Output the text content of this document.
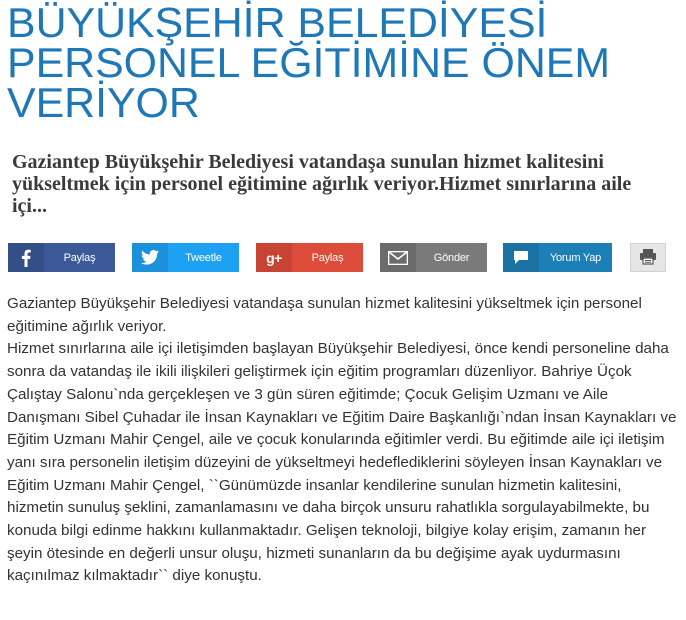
BÜYÜKŞEHİR BELEDİYESİ PERSONEL EĞİTİMİNE ÖNEM VERİYOR

Gaziantep Büyükşehir Belediyesi vatandaşa sunulan hizmet kalitesini yükseltmek için personel eğitimine ağırlık veriyor.Hizmet sınırlarına aile içi...

Paylaş	Tweetle	g+	Paylaş	Gönder	Yorum Yap

Gaziantep Büyükşehir Belediyesi vatandaşa sunulan hizmet kalitesini yükseltmek için personel eğitimine ağırlık veriyor.
Hizmet sınırlarına aile içi iletişimden başlayan Büyükşehir Belediyesi, önce kendi personeline daha sonra da vatandaş ile ikili ilişkileri geliştirmek için eğitim programları düzenliyor. Bahriye Üçok Çalıştay Salonu`nda gerçekleşen ve 3 gün süren eğitimde; Çocuk Gelişim Uzmanı ve Aile Danışmanı Sibel Çuhadar ile İnsan Kaynakları ve Eğitim Daire Başkanlığı`ndan İnsan Kaynakları ve Eğitim Uzmanı Mahir Çengel, aile ve çocuk konularında eğitimler verdi. Bu eğitimde aile içi iletişim yanı sıra personelin iletişim düzeyini de yükseltmeyi hedeflediklerini söyleyen İnsan Kaynakları ve Eğitim Uzmanı Mahir Çengel, ``Günümüzde insanlar kendilerine sunulan hizmetin kalitesini, hizmetin sunuluş şeklini, zamanlamasını ve daha birçok unsuru rahatlıkla sorgulayabilmekte, bu konuda bilgi edinme hakkını kullanmaktadır. Gelişen teknoloji, bilgiye kolay erişim, zamanın her şeyin ötesinde en değerli unsur oluşu, hizmeti sunanların da bu değişime ayak uydurmasını kaçınılmaz kılmaktadır`` diye konuştu.
